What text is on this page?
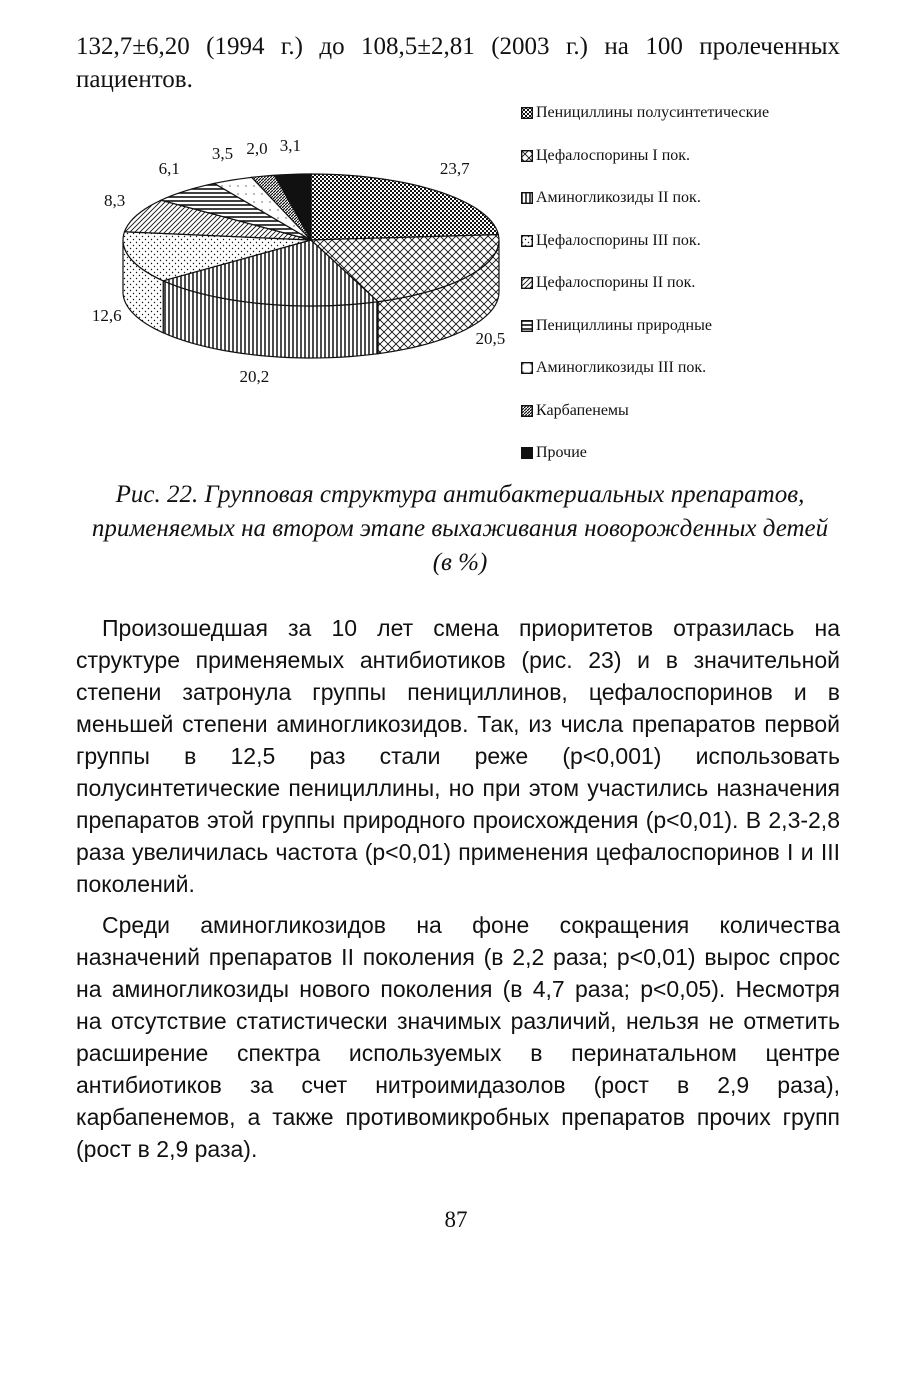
132,7±6,20 (1994 г.) до 108,5±2,81 (2003 г.) на 100 пролеченных пациентов.
23,7
20,5
20,2
12,6
8,3
6,1
3,5 2,0 3,1
Пенициллины полусинтетические
Цефалоспорины I пок.
Аминогликозиды II пок.
Цефалоспорины III пок.
Цефалоспорины II пок.
Пенициллины природные
Аминогликозиды III пок.
Карбапенемы
Прочие
Рис. 22. Групповая структура антибактериальных препаратов, применяемых на втором этапе выхаживания новорожденных детей (в %)

Произошедшая за 10 лет смена приоритетов отразилась на структуре применяемых антибиотиков (рис. 23) и в значительной степени затронула группы пенициллинов, цефалоспоринов и в меньшей степени аминогликозидов. Так, из числа препаратов первой группы в 12,5 раз стали реже (p<0,001) использовать полусинтетические пенициллины, но при этом участились назначения препаратов этой группы природного происхождения (p<0,01). В 2,3-2,8 раза увеличилась частота (p<0,01) применения цефалоспоринов I и III поколений.

Среди аминогликозидов на фоне сокращения количества назначений препаратов II поколения (в 2,2 раза; p<0,01) вырос спрос на аминогликозиды нового поколения (в 4,7 раза; p<0,05). Несмотря на отсутствие статистически значимых различий, нельзя не отметить расширение спектра используемых в перинатальном центре антибиотиков за счет нитроимидазолов (рост в 2,9 раза), карбапенемов, а также противомикробных препаратов прочих групп (рост в 2,9 раза).

87
